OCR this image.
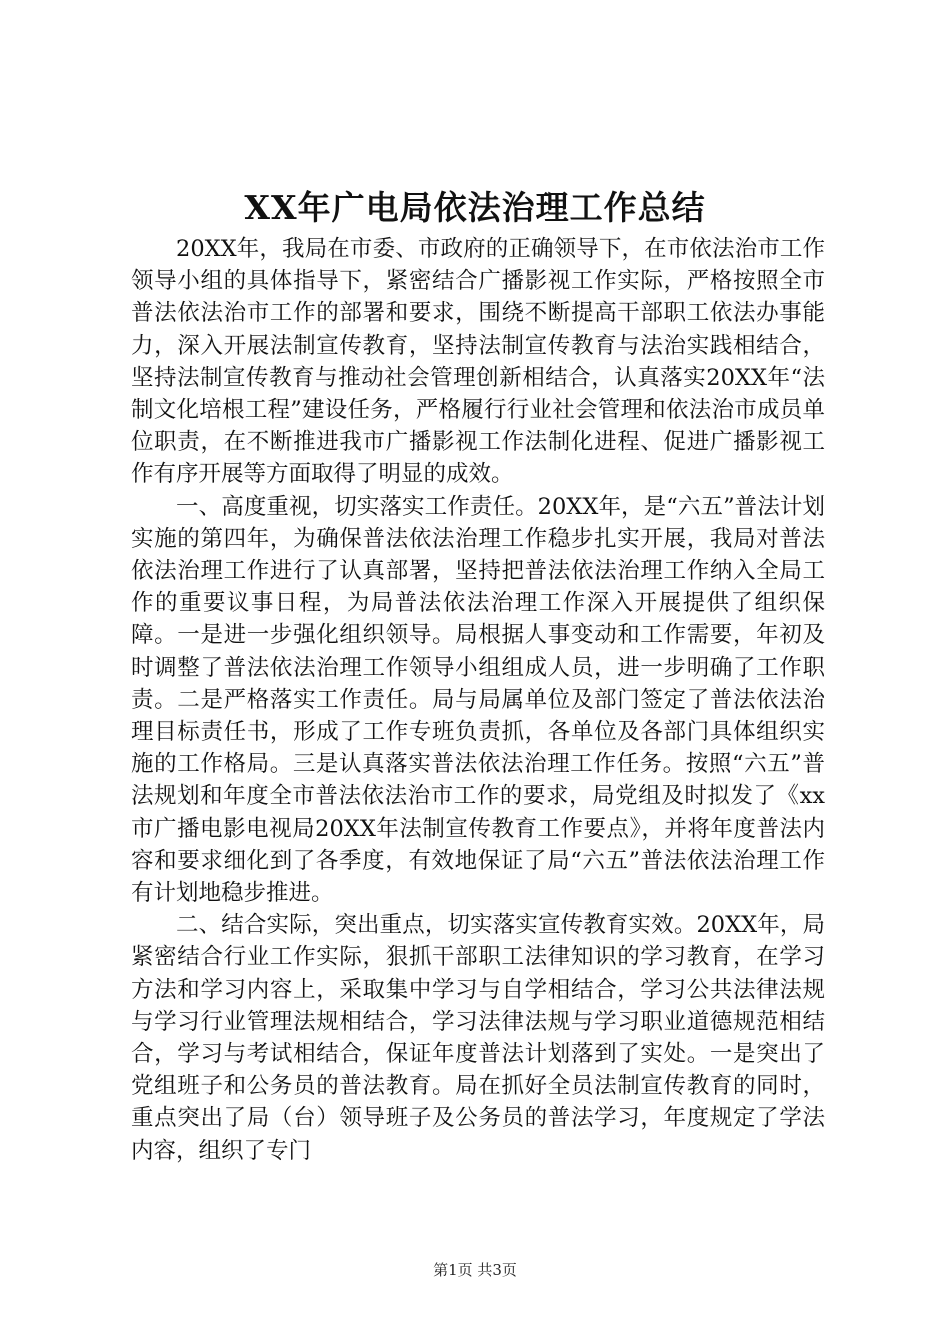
XX年广电局依法治理工作总结

20XX年，我局在市委、市政府的正确领导下，在市依法治市工作领导小组的具体指导下，紧密结合广播影视工作实际，严格按照全市普法依法治市工作的部署和要求，围绕不断提高干部职工依法办事能力，深入开展法制宣传教育，坚持法制宣传教育与法治实践相结合，坚持法制宣传教育与推动社会管理创新相结合，认真落实20XX年“法制文化培根工程”建设任务，严格履行行业社会管理和依法治市成员单位职责，在不断推进我市广播影视工作法制化进程、促进广播影视工作有序开展等方面取得了明显的成效。

一、高度重视，切实落实工作责任。20XX年，是“六五”普法计划实施的第四年，为确保普法依法治理工作稳步扎实开展，我局对普法依法治理工作进行了认真部署，坚持把普法依法治理工作纳入全局工作的重要议事日程，为局普法依法治理工作深入开展提供了组织保障。一是进一步强化组织领导。局根据人事变动和工作需要，年初及时调整了普法依法治理工作领导小组组成人员，进一步明确了工作职责。二是严格落实工作责任。局与局属单位及部门签定了普法依法治理目标责任书，形成了工作专班负责抓，各单位及各部门具体组织实施的工作格局。三是认真落实普法依法治理工作任务。按照“六五”普法规划和年度全市普法依法治市工作的要求，局党组及时拟发了《xx市广播电影电视局20XX年法制宣传教育工作要点》，并将年度普法内容和要求细化到了各季度，有效地保证了局“六五”普法依法治理工作有计划地稳步推进。

二、结合实际，突出重点，切实落实宣传教育实效。20XX年，局紧密结合行业工作实际，狠抓干部职工法律知识的学习教育，在学习方法和学习内容上，采取集中学习与自学相结合，学习公共法律法规与学习行业管理法规相结合，学习法律法规与学习职业道德规范相结合，学习与考试相结合，保证年度普法计划落到了实处。一是突出了党组班子和公务员的普法教育。局在抓好全员法制宣传教育的同时，重点突出了局（台）领导班子及公务员的普法学习，年度规定了学法内容，组织了专门

第1页 共3页
